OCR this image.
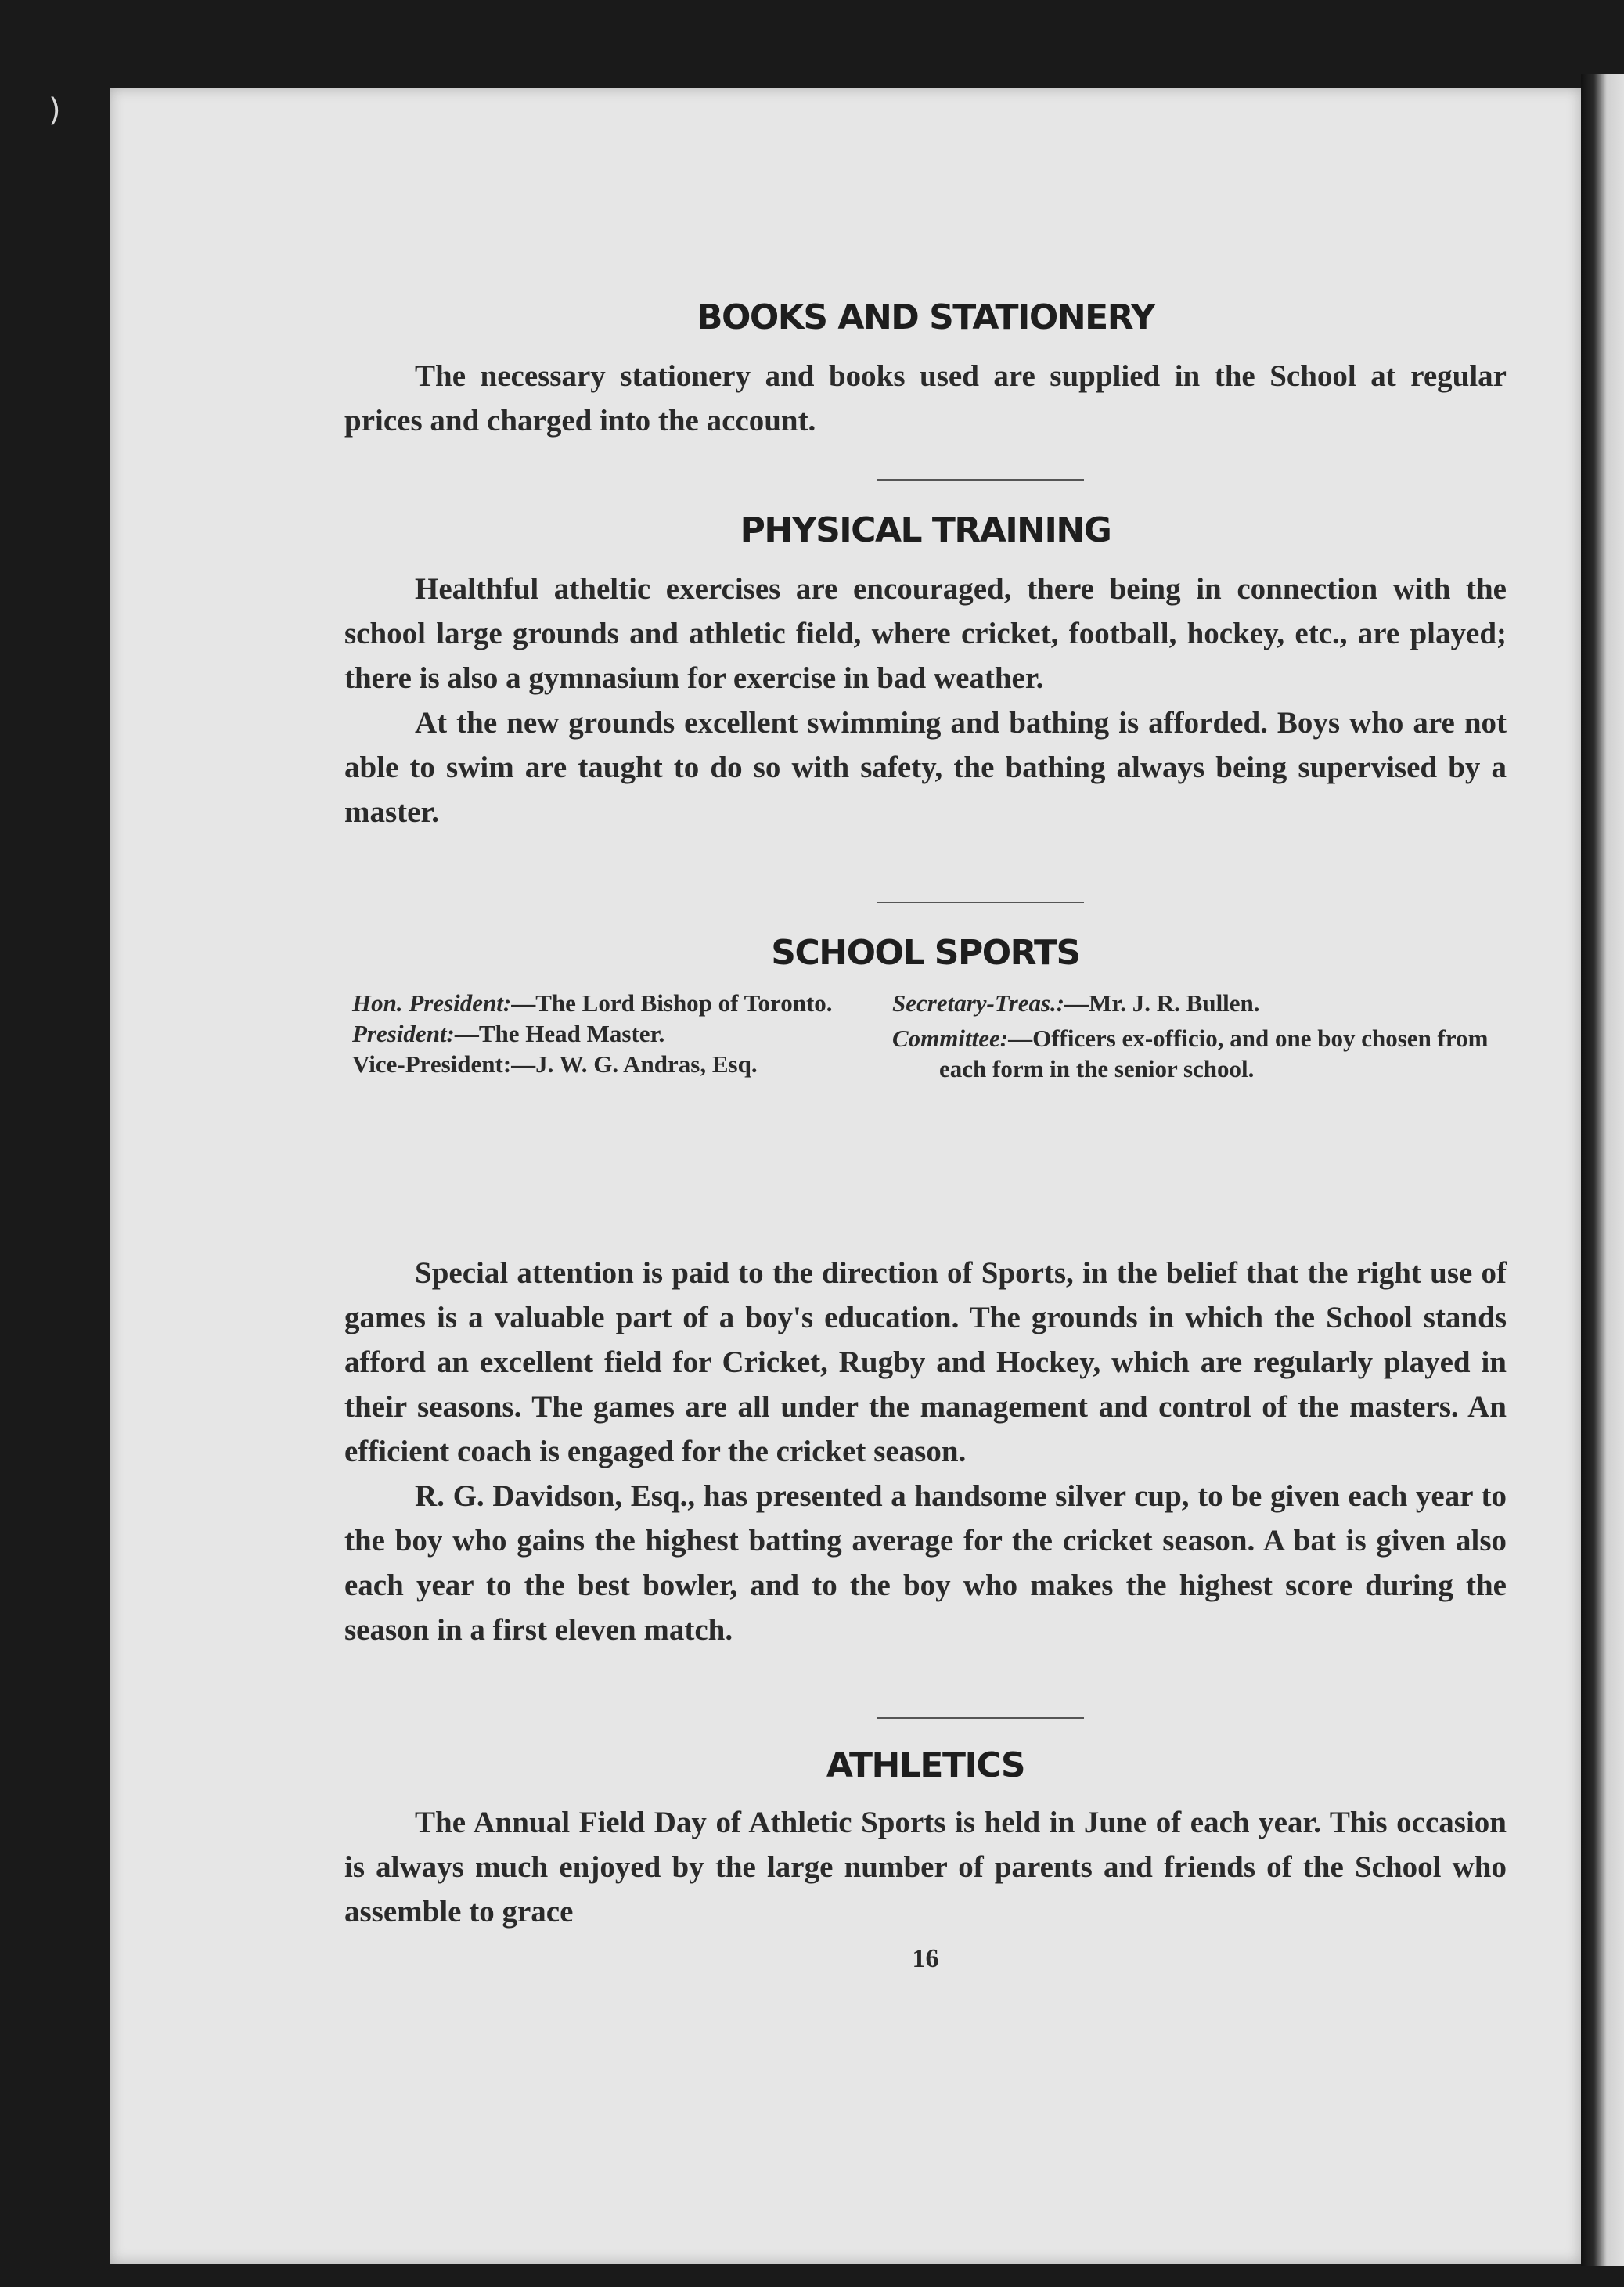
)
BOOKS AND STATIONERY

The necessary stationery and books used are supplied in the School at regular prices and charged into the account.

PHYSICAL TRAINING

Healthful atheltic exercises are encouraged, there being in connection with the school large grounds and athletic field, where cricket, football, hockey, etc., are played; there is also a gymnasium for exercise in bad weather.

At the new grounds excellent swimming and bathing is afforded. Boys who are not able to swim are taught to do so with safety, the bathing always being supervised by a master.

SCHOOL SPORTS

Hon. President:—The Lord Bishop of Toronto.

President:—The Head Master.

Vice-President:—J. W. G. Andras, Esq.

Secretary-Treas.:—Mr. J. R. Bullen.

Committee:—Officers ex-officio, and one boy chosen from each form in the senior school.

Special attention is paid to the direction of Sports, in the belief that the right use of games is a valuable part of a boy's education. The grounds in which the School stands afford an excellent field for Cricket, Rugby and Hockey, which are regularly played in their seasons. The games are all under the management and control of the masters. An efficient coach is engaged for the cricket season.

R. G. Davidson, Esq., has presented a handsome silver cup, to be given each year to the boy who gains the highest batting average for the cricket season. A bat is given also each year to the best bowler, and to the boy who makes the highest score during the season in a first eleven match.

ATHLETICS

The Annual Field Day of Athletic Sports is held in June of each year. This occasion is always much enjoyed by the large number of parents and friends of the School who assemble to grace

16
